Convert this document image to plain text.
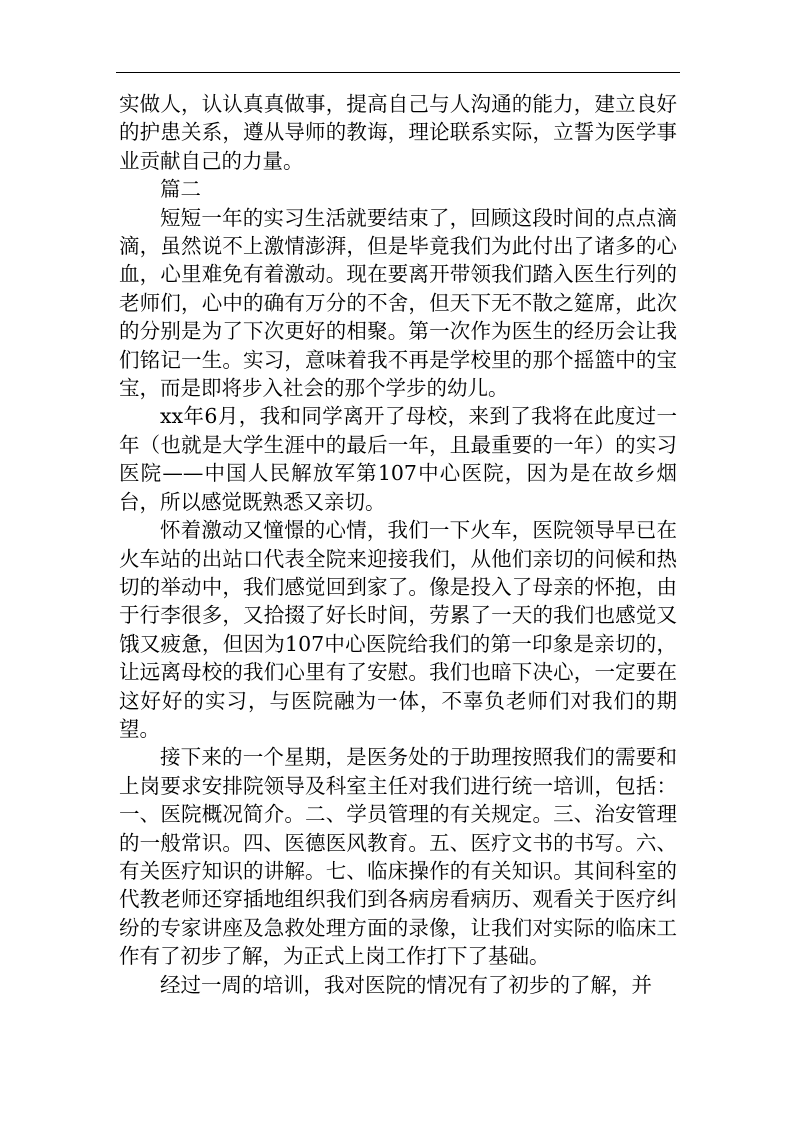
实做人，认认真真做事，提高自己与人沟通的能力，建立良好的护患关系，遵从导师的教诲，理论联系实际，立誓为医学事业贡献自己的力量。

篇二

短短一年的实习生活就要结束了，回顾这段时间的点点滴滴，虽然说不上激情澎湃，但是毕竟我们为此付出了诸多的心血，心里难免有着激动。现在要离开带领我们踏入医生行列的老师们，心中的确有万分的不舍，但天下无不散之筵席，此次的分别是为了下次更好的相聚。第一次作为医生的经历会让我们铭记一生。实习，意味着我不再是学校里的那个摇篮中的宝宝，而是即将步入社会的那个学步的幼儿。

xx年6月，我和同学离开了母校，来到了我将在此度过一年（也就是大学生涯中的最后一年，且最重要的一年）的实习医院——中国人民解放军第107中心医院，因为是在故乡烟台，所以感觉既熟悉又亲切。

怀着激动又憧憬的心情，我们一下火车，医院领导早已在火车站的出站口代表全院来迎接我们，从他们亲切的问候和热切的举动中，我们感觉回到家了。像是投入了母亲的怀抱，由于行李很多，又拾掇了好长时间，劳累了一天的我们也感觉又饿又疲惫，但因为107中心医院给我们的第一印象是亲切的，让远离母校的我们心里有了安慰。我们也暗下决心，一定要在这好好的实习，与医院融为一体，不辜负老师们对我们的期望。

接下来的一个星期，是医务处的于助理按照我们的需要和上岗要求安排院领导及科室主任对我们进行统一培训，包括：一、医院概况简介。二、学员管理的有关规定。三、治安管理的一般常识。四、医德医风教育。五、医疗文书的书写。六、有关医疗知识的讲解。七、临床操作的有关知识。其间科室的代教老师还穿插地组织我们到各病房看病历、观看关于医疗纠纷的专家讲座及急救处理方面的录像，让我们对实际的临床工作有了初步了解，为正式上岗工作打下了基础。

经过一周的培训，我对医院的情况有了初步的了解，并
